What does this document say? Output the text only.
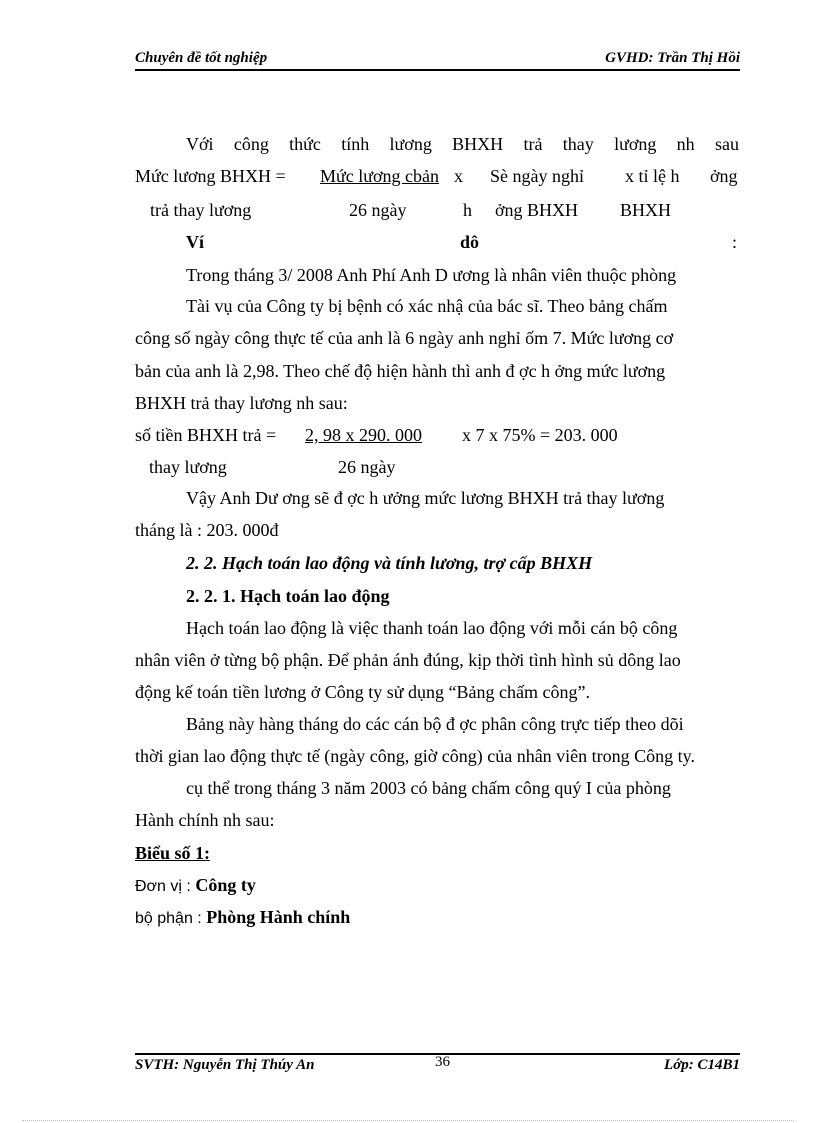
Chuyên đề tốt nghiệp	GVHD: Trần Thị Hồi
Với công thức tính lương BHXH trả thay lương nh sau
Mức lương BHXH = Mức lương cbản x Sè ngày nghỉ x tỉ lệ h ởng
trả thay lương	26 ngày	h ởng BHXH BHXH
Ví	dô	:
Trong tháng 3/ 2008 Anh Phí Anh D ương là nhân viên thuộc phòng
Tài vụ của Công ty bị bệnh có xác nhậ của bác sĩ. Theo bảng chấm
công số ngày công thực tế của anh là 6 ngày anh nghỉ ốm 7. Mức lương cơ
bản của anh là 2,98. Theo chế độ hiện hành thì anh đ ợc h ởng mức lương
BHXH trả thay lương nh sau:
số tiền BHXH trả = 2, 98 x 290. 000 x 7 x 75% = 203. 000
thay lương	26 ngày
Vậy Anh Dư ơng sẽ đ ợc h ưởng mức lương BHXH trả thay lương
tháng là : 203. 000đ
2. 2. Hạch toán lao động và tính lương, trợ cấp BHXH
2. 2. 1. Hạch toán lao động
Hạch toán lao động là việc thanh toán lao động với mỗi cán bộ công
nhân viên ở từng bộ phận. Để phản ánh đúng, kịp thời tình hình sủ dông lao
động kế toán tiền lương ở Công ty sử dụng “Bảng chấm công”.
Bảng này hàng tháng do các cán bộ đ ợc phân công trực tiếp theo dõi
thời gian lao động thực tế (ngày công, giờ công) của nhân viên trong Công ty.
cụ thể trong tháng 3 năm 2003 có bảng chấm công quý I của phòng
Hành chính nh sau:
Biểu số 1:
Đơn vị : Công ty
bộ phận : Phòng Hành chính
SVTH: Nguyễn Thị Thúy An	36	Lớp: C14B1
